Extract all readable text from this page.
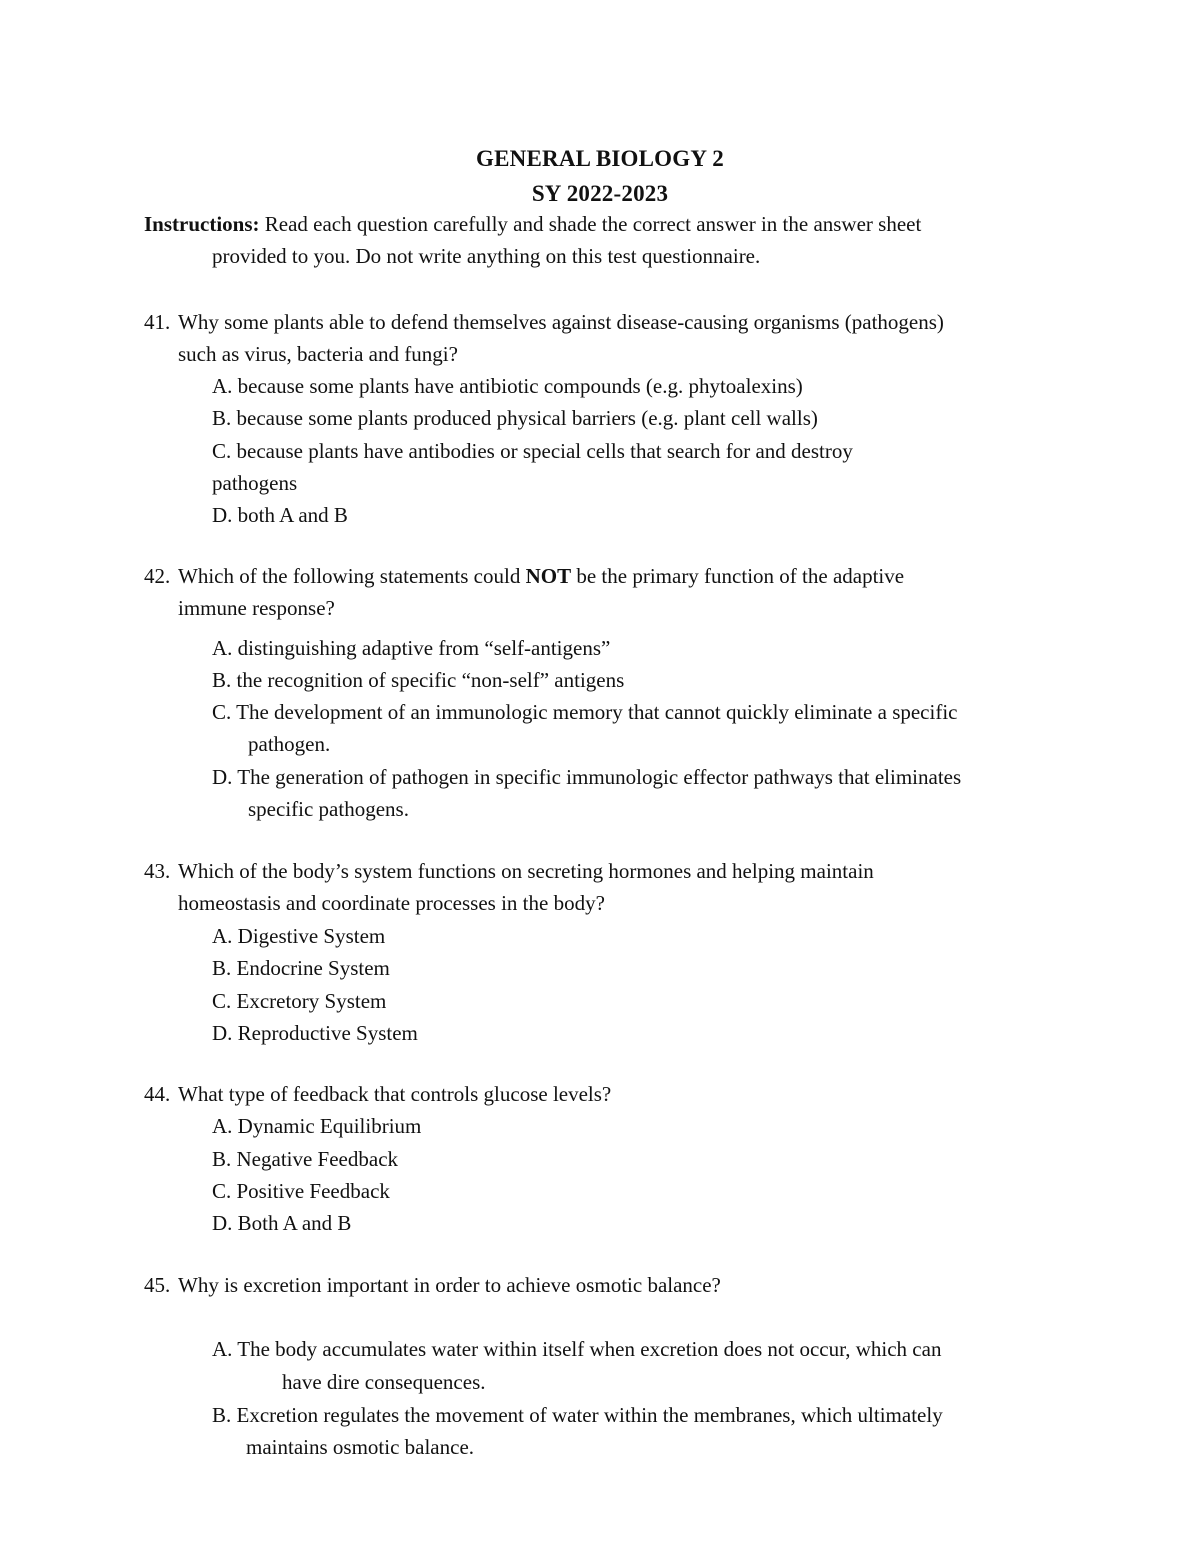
GENERAL BIOLOGY 2
SY 2022-2023
Instructions: Read each question carefully and shade the correct answer in the answer sheet
provided to you. Do not write anything on this test questionnaire.
41. Why some plants able to defend themselves against disease-causing organisms (pathogens)
such as virus, bacteria and fungi?
A. because some plants have antibiotic compounds (e.g. phytoalexins)
B. because some plants produced physical barriers (e.g. plant cell walls)
C. because plants have antibodies or special cells that search for and destroy
pathogens
D. both A and B
42. Which of the following statements could NOT be the primary function of the adaptive
immune response?
A. distinguishing adaptive from “self-antigens”
B. the recognition of specific “non-self” antigens
C. The development of an immunologic memory that cannot quickly eliminate a specific
pathogen.
D. The generation of pathogen in specific immunologic effector pathways that eliminates
specific pathogens.
43. Which of the body’s system functions on secreting hormones and helping maintain
homeostasis and coordinate processes in the body?
A. Digestive System
B. Endocrine System
C. Excretory System
D. Reproductive System
44. What type of feedback that controls glucose levels?
A. Dynamic Equilibrium
B. Negative Feedback
C. Positive Feedback
D. Both A and B
45. Why is excretion important in order to achieve osmotic balance?
A. The body accumulates water within itself when excretion does not occur, which can
have dire consequences.
B. Excretion regulates the movement of water within the membranes, which ultimately
maintains osmotic balance.
